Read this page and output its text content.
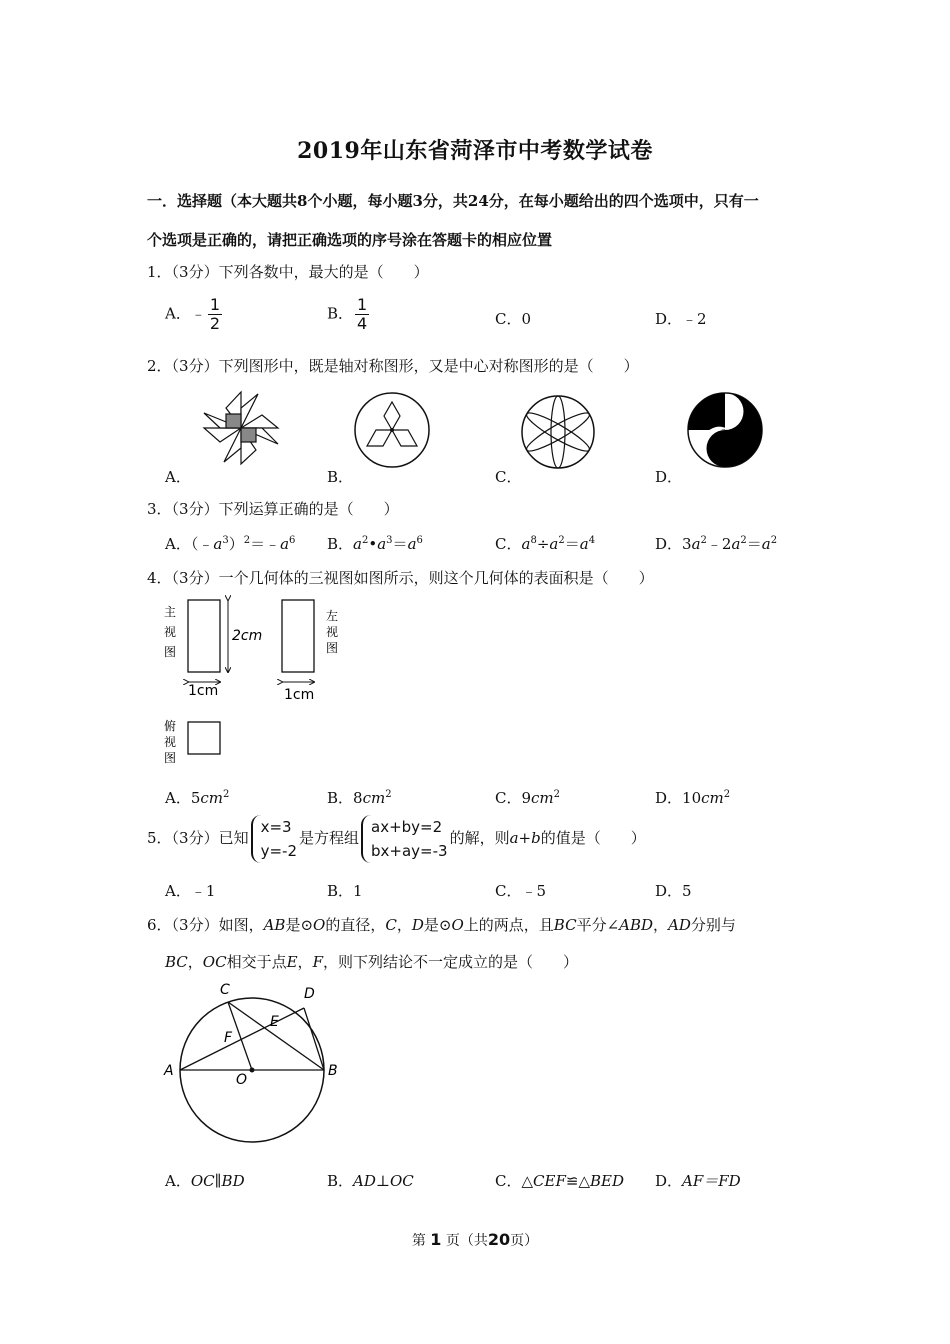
2019年山东省菏泽市中考数学试卷
一．选择题（本大题共8个小题，每小题3分，共24分，在每小题给出的四个选项中，只有一
个选项是正确的，请把正确选项的序号涂在答题卡的相应位置
1．（3分）下列各数中，最大的是（　　）
A．﹣ $\frac{1}{2}$	B． $\frac{1}{4}$	C．0	D．﹣2
2．（3分）下列图形中，既是轴对称图形，又是中心对称图形的是（　　）
A．	B．	C．	D．
3．（3分）下列运算正确的是（　　）
A．$(﹣a^3)^2=﹣a^6$ B．$a^2•a^3=a^6$	C．$a^8\div a^2=a^4$	D．$3a^2﹣2a^2=a^2$
4．（3分）一个几何体的三视图如图所示，则这个几何体的表面积是（　　）
主
视
图
2cm
1cm	1cm
左
视
图
俯
视
图
A．$5cm^2$	B．$8cm^2$	C．$9cm^2$	D．$10cm^2$
5．（3分）已知
x=3
y=-2
是方程组
ax+by=2
bx+ay=-3
的解，则a+b的值是（　　）
A．﹣1	B．1	C．﹣5	D．5
6．（3分）如图，AB是⊙O的直径，C，D是⊙O上的两点，且BC平分∠ABD，AD分别与
BC，OC相交于点E，F，则下列结论不一定成立的是（　　）
C	D
E
F
A	B
O
A．OC∥BD	B．AD⊥OC	C．△CEF≌△BED D．AF＝FD
第 1 页（共20页）
